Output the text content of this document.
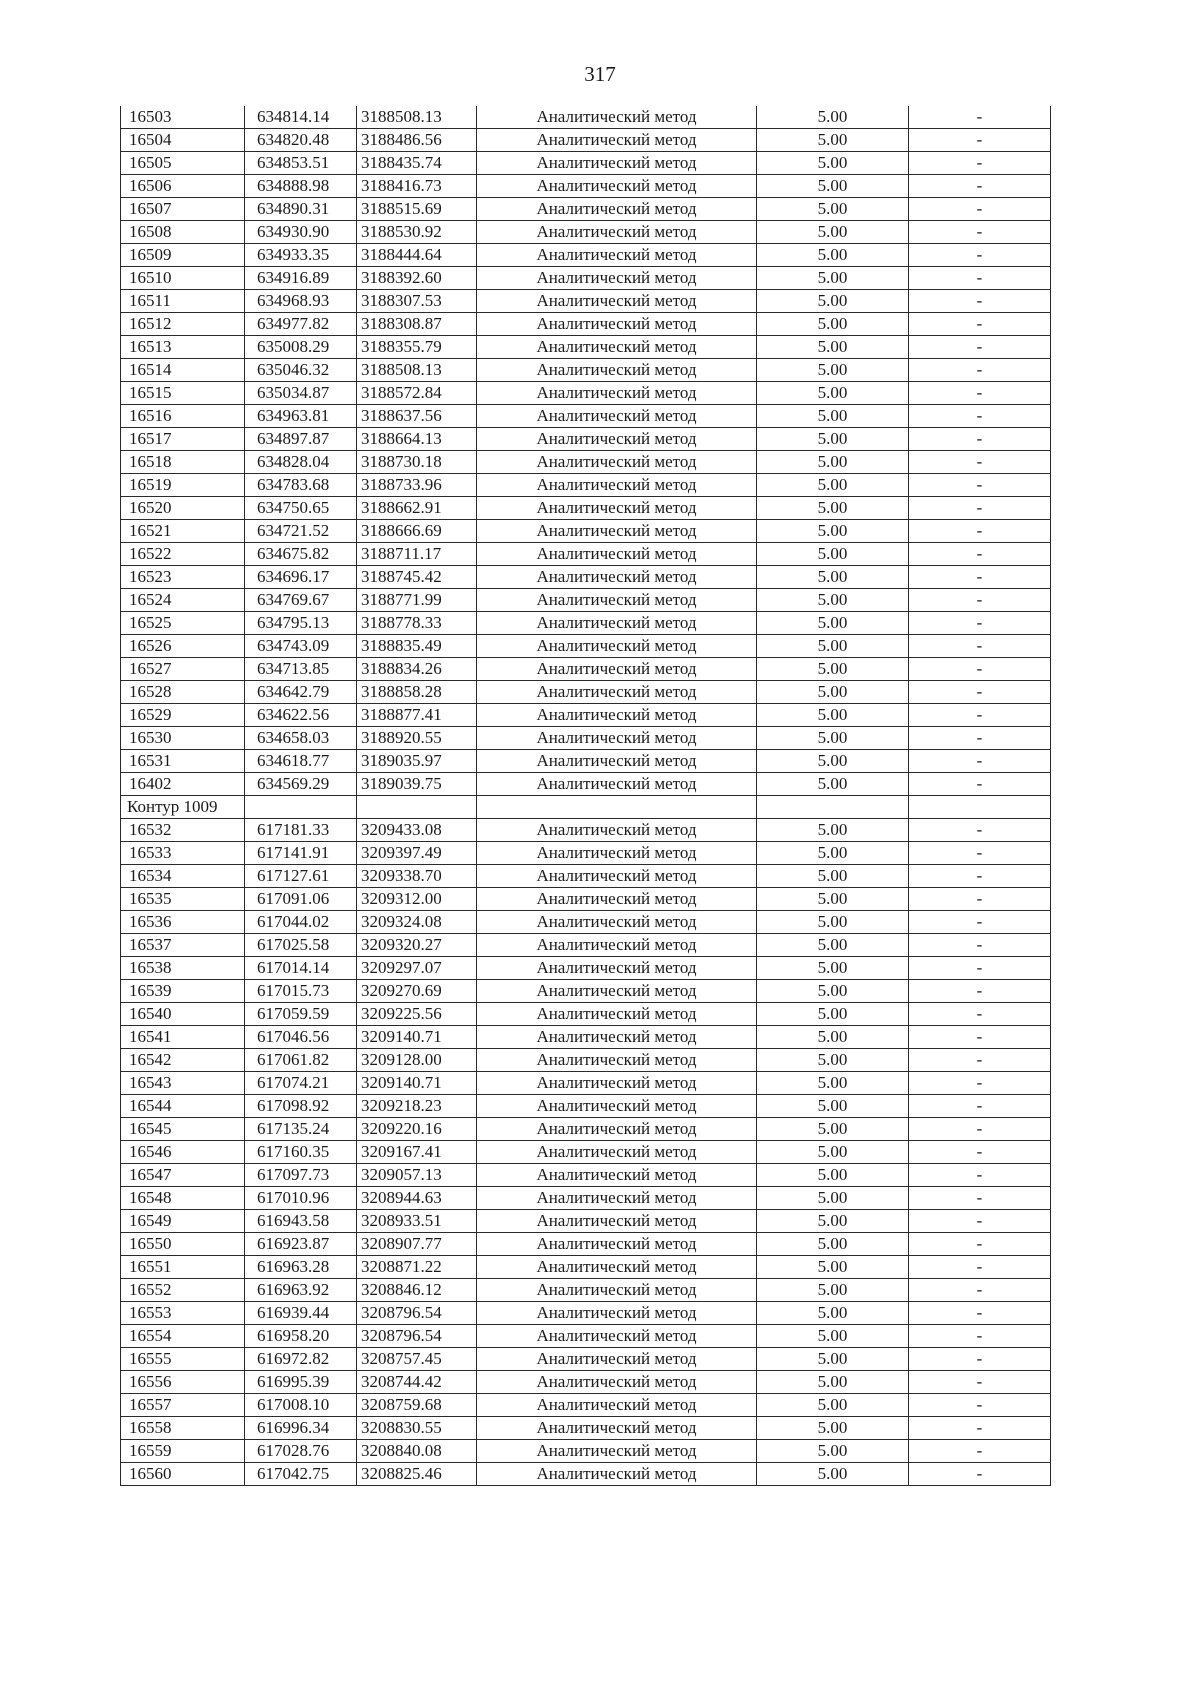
317
16503	634814.14	3188508.13	Аналитический метод	5.00	-
16504	634820.48	3188486.56	Аналитический метод	5.00	-
16505	634853.51	3188435.74	Аналитический метод	5.00	-
16506	634888.98	3188416.73	Аналитический метод	5.00	-
16507	634890.31	3188515.69	Аналитический метод	5.00	-
16508	634930.90	3188530.92	Аналитический метод	5.00	-
16509	634933.35	3188444.64	Аналитический метод	5.00	-
16510	634916.89	3188392.60	Аналитический метод	5.00	-
16511	634968.93	3188307.53	Аналитический метод	5.00	-
16512	634977.82	3188308.87	Аналитический метод	5.00	-
16513	635008.29	3188355.79	Аналитический метод	5.00	-
16514	635046.32	3188508.13	Аналитический метод	5.00	-
16515	635034.87	3188572.84	Аналитический метод	5.00	-
16516	634963.81	3188637.56	Аналитический метод	5.00	-
16517	634897.87	3188664.13	Аналитический метод	5.00	-
16518	634828.04	3188730.18	Аналитический метод	5.00	-
16519	634783.68	3188733.96	Аналитический метод	5.00	-
16520	634750.65	3188662.91	Аналитический метод	5.00	-
16521	634721.52	3188666.69	Аналитический метод	5.00	-
16522	634675.82	3188711.17	Аналитический метод	5.00	-
16523	634696.17	3188745.42	Аналитический метод	5.00	-
16524	634769.67	3188771.99	Аналитический метод	5.00	-
16525	634795.13	3188778.33	Аналитический метод	5.00	-
16526	634743.09	3188835.49	Аналитический метод	5.00	-
16527	634713.85	3188834.26	Аналитический метод	5.00	-
16528	634642.79	3188858.28	Аналитический метод	5.00	-
16529	634622.56	3188877.41	Аналитический метод	5.00	-
16530	634658.03	3188920.55	Аналитический метод	5.00	-
16531	634618.77	3189035.97	Аналитический метод	5.00	-
16402	634569.29	3189039.75	Аналитический метод	5.00	-
Контур 1009					
16532	617181.33	3209433.08	Аналитический метод	5.00	-
16533	617141.91	3209397.49	Аналитический метод	5.00	-
16534	617127.61	3209338.70	Аналитический метод	5.00	-
16535	617091.06	3209312.00	Аналитический метод	5.00	-
16536	617044.02	3209324.08	Аналитический метод	5.00	-
16537	617025.58	3209320.27	Аналитический метод	5.00	-
16538	617014.14	3209297.07	Аналитический метод	5.00	-
16539	617015.73	3209270.69	Аналитический метод	5.00	-
16540	617059.59	3209225.56	Аналитический метод	5.00	-
16541	617046.56	3209140.71	Аналитический метод	5.00	-
16542	617061.82	3209128.00	Аналитический метод	5.00	-
16543	617074.21	3209140.71	Аналитический метод	5.00	-
16544	617098.92	3209218.23	Аналитический метод	5.00	-
16545	617135.24	3209220.16	Аналитический метод	5.00	-
16546	617160.35	3209167.41	Аналитический метод	5.00	-
16547	617097.73	3209057.13	Аналитический метод	5.00	-
16548	617010.96	3208944.63	Аналитический метод	5.00	-
16549	616943.58	3208933.51	Аналитический метод	5.00	-
16550	616923.87	3208907.77	Аналитический метод	5.00	-
16551	616963.28	3208871.22	Аналитический метод	5.00	-
16552	616963.92	3208846.12	Аналитический метод	5.00	-
16553	616939.44	3208796.54	Аналитический метод	5.00	-
16554	616958.20	3208796.54	Аналитический метод	5.00	-
16555	616972.82	3208757.45	Аналитический метод	5.00	-
16556	616995.39	3208744.42	Аналитический метод	5.00	-
16557	617008.10	3208759.68	Аналитический метод	5.00	-
16558	616996.34	3208830.55	Аналитический метод	5.00	-
16559	617028.76	3208840.08	Аналитический метод	5.00	-
16560	617042.75	3208825.46	Аналитический метод	5.00	-
